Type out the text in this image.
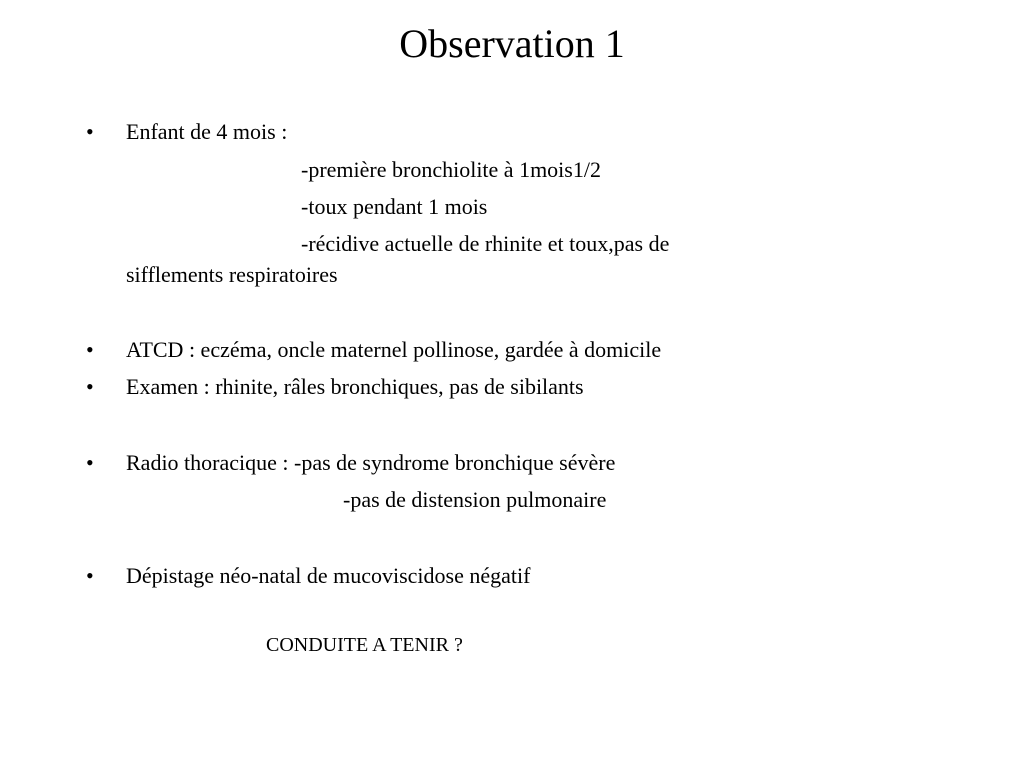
Observation 1
• Enfant de 4 mois :
-première bronchiolite à 1mois1/2
-toux pendant 1 mois
-récidive actuelle de rhinite et toux,pas de
sifflements respiratoires
• ATCD : eczéma, oncle maternel pollinose, gardée à domicile
• Examen : rhinite, râles bronchiques, pas de sibilants
• Radio thoracique : -pas de syndrome bronchique sévère
-pas de distension pulmonaire
• Dépistage néo-natal de mucoviscidose négatif
CONDUITE A TENIR ?
